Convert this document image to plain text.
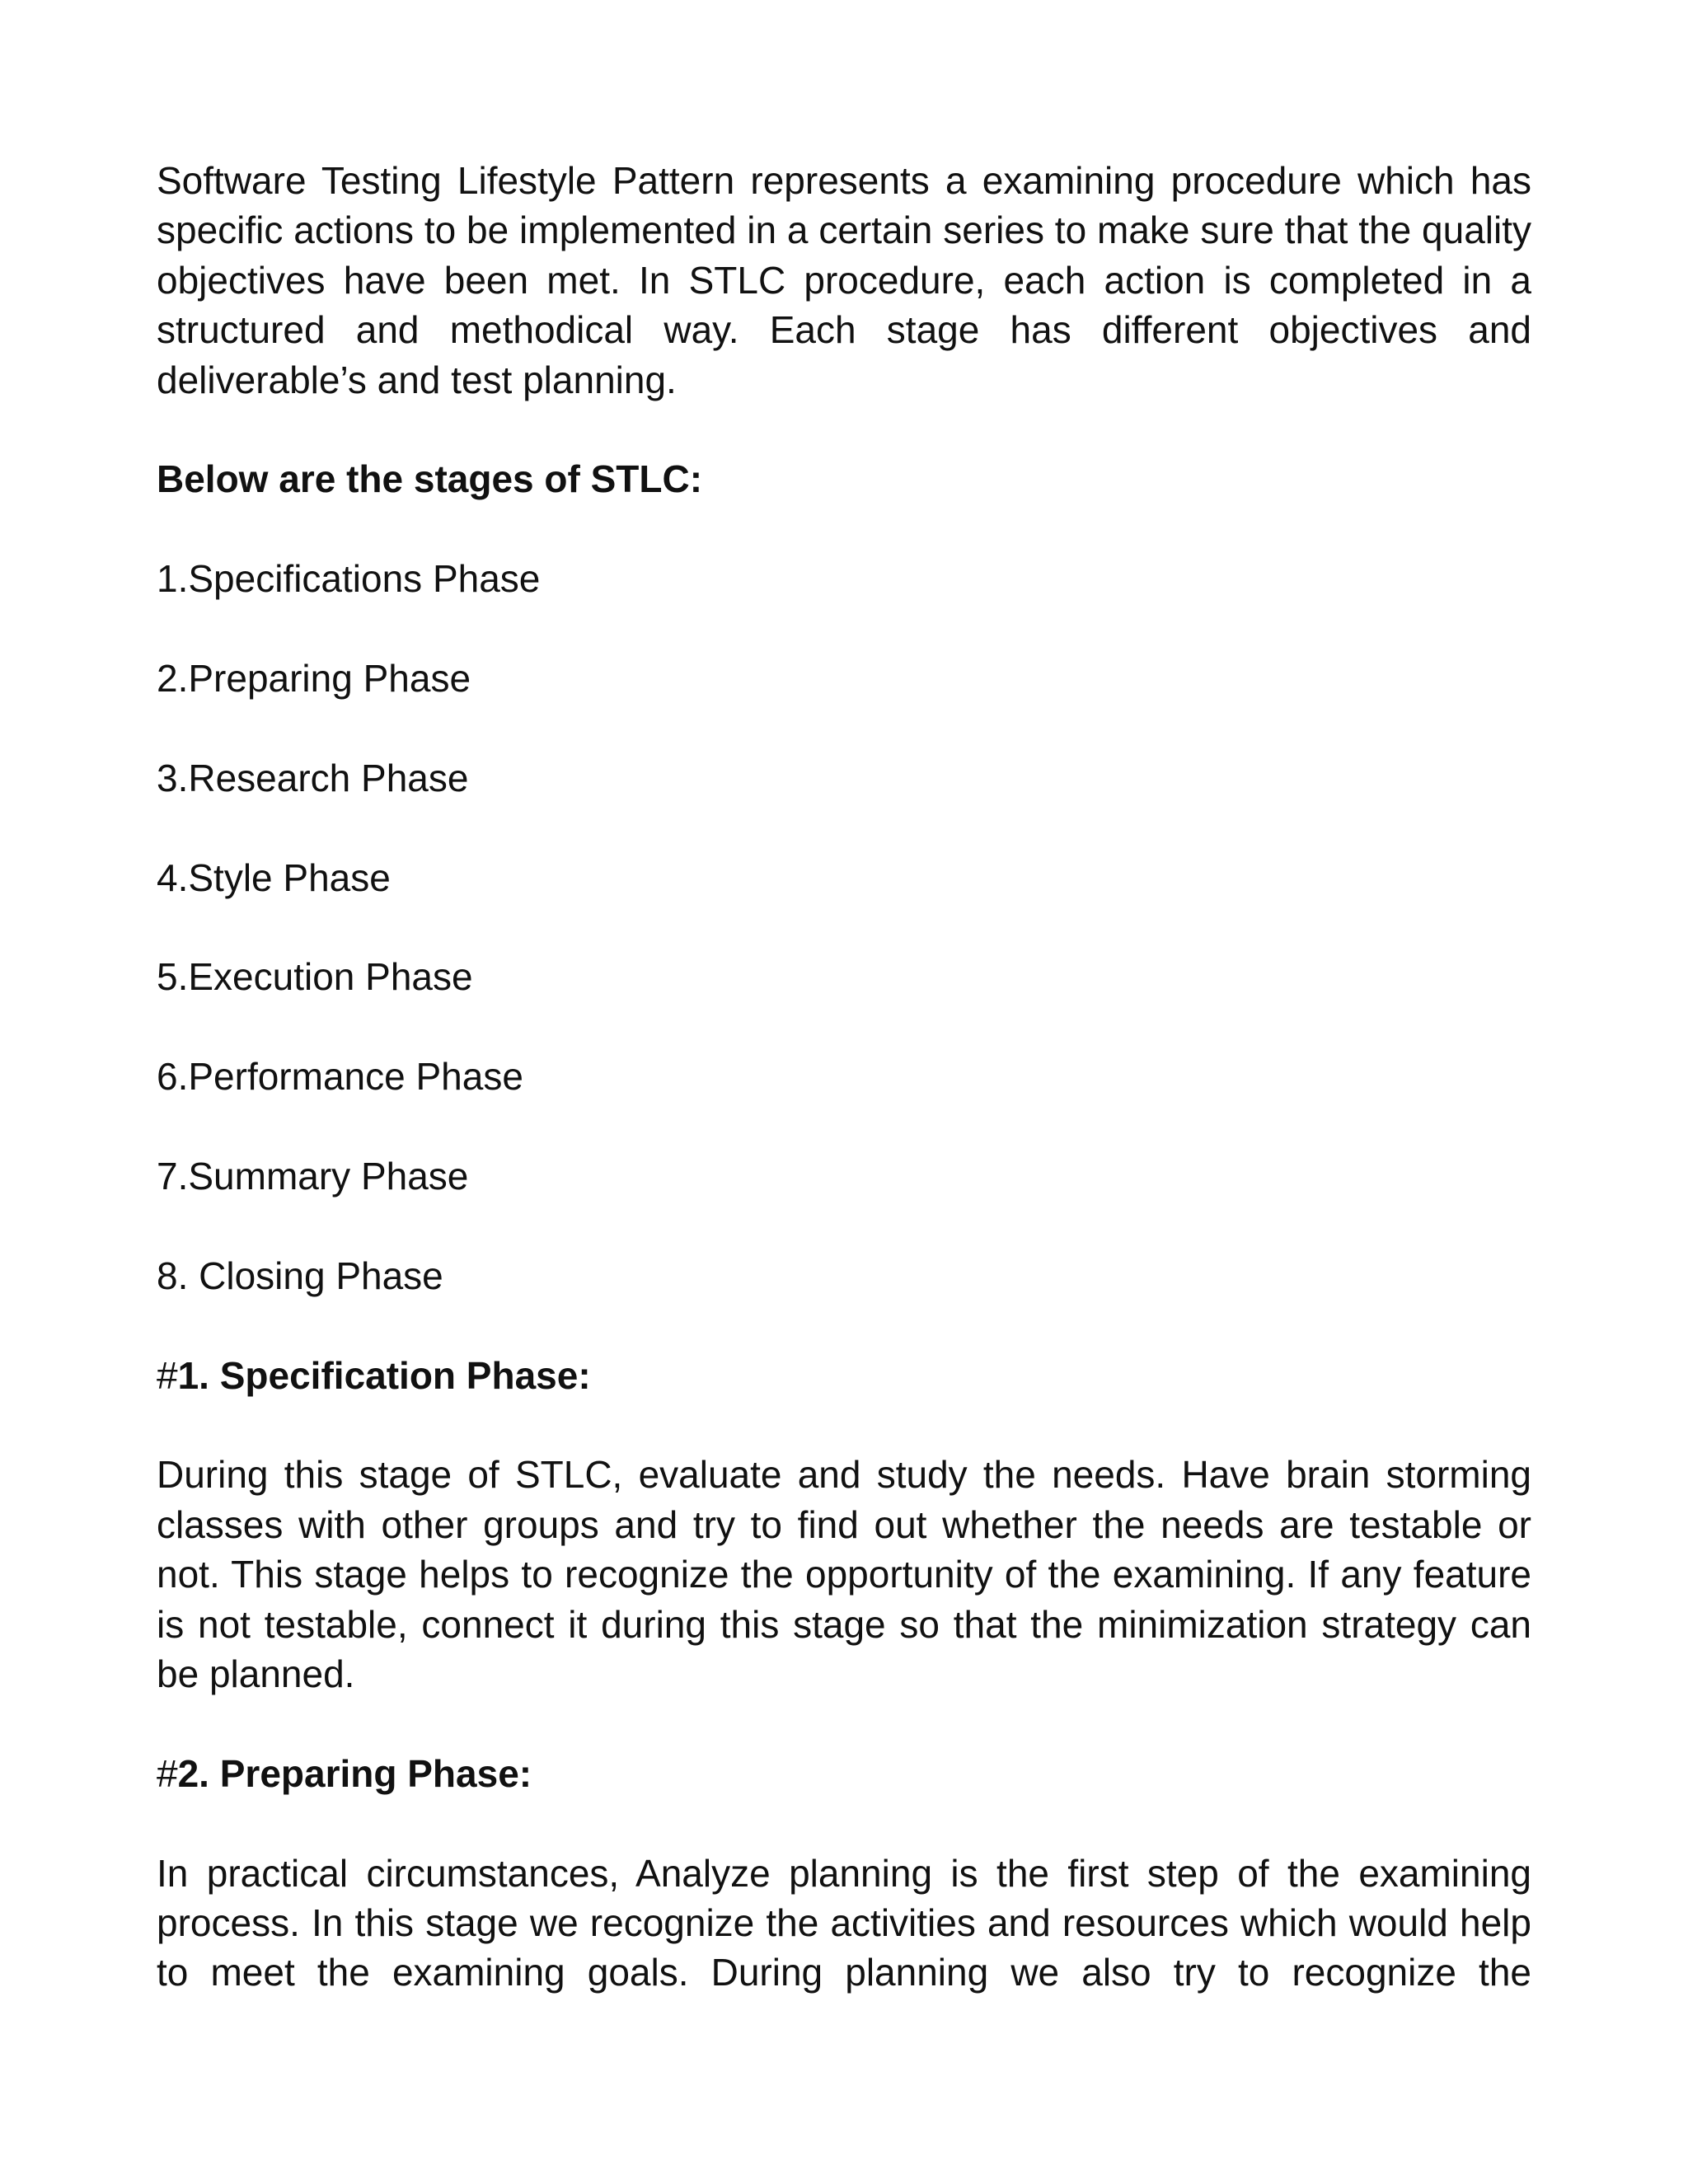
Software Testing Lifestyle Pattern represents a examining procedure which has specific actions to be implemented in a certain series to make sure that the quality objectives have been met. In STLC procedure, each action is completed in a structured and methodical way. Each stage has different objectives and deliverable’s and test planning.

Below are the stages of STLC:

1.Specifications Phase

2.Preparing Phase

3.Research Phase

4.Style Phase

5.Execution Phase

6.Performance Phase

7.Summary Phase

8. Closing Phase

#1. Specification Phase:

During this stage of STLC, evaluate and study the needs. Have brain storming classes with other groups and try to find out whether the needs are testable or not. This stage helps to recognize the opportunity of the examining. If any feature is not testable, connect it during this stage so that the minimization strategy can be planned.

#2. Preparing Phase:

In practical circumstances, Analyze planning is the first step of the examining process. In this stage we recognize the activities and resources which would help to meet the examining goals. During planning we also try to recognize the
